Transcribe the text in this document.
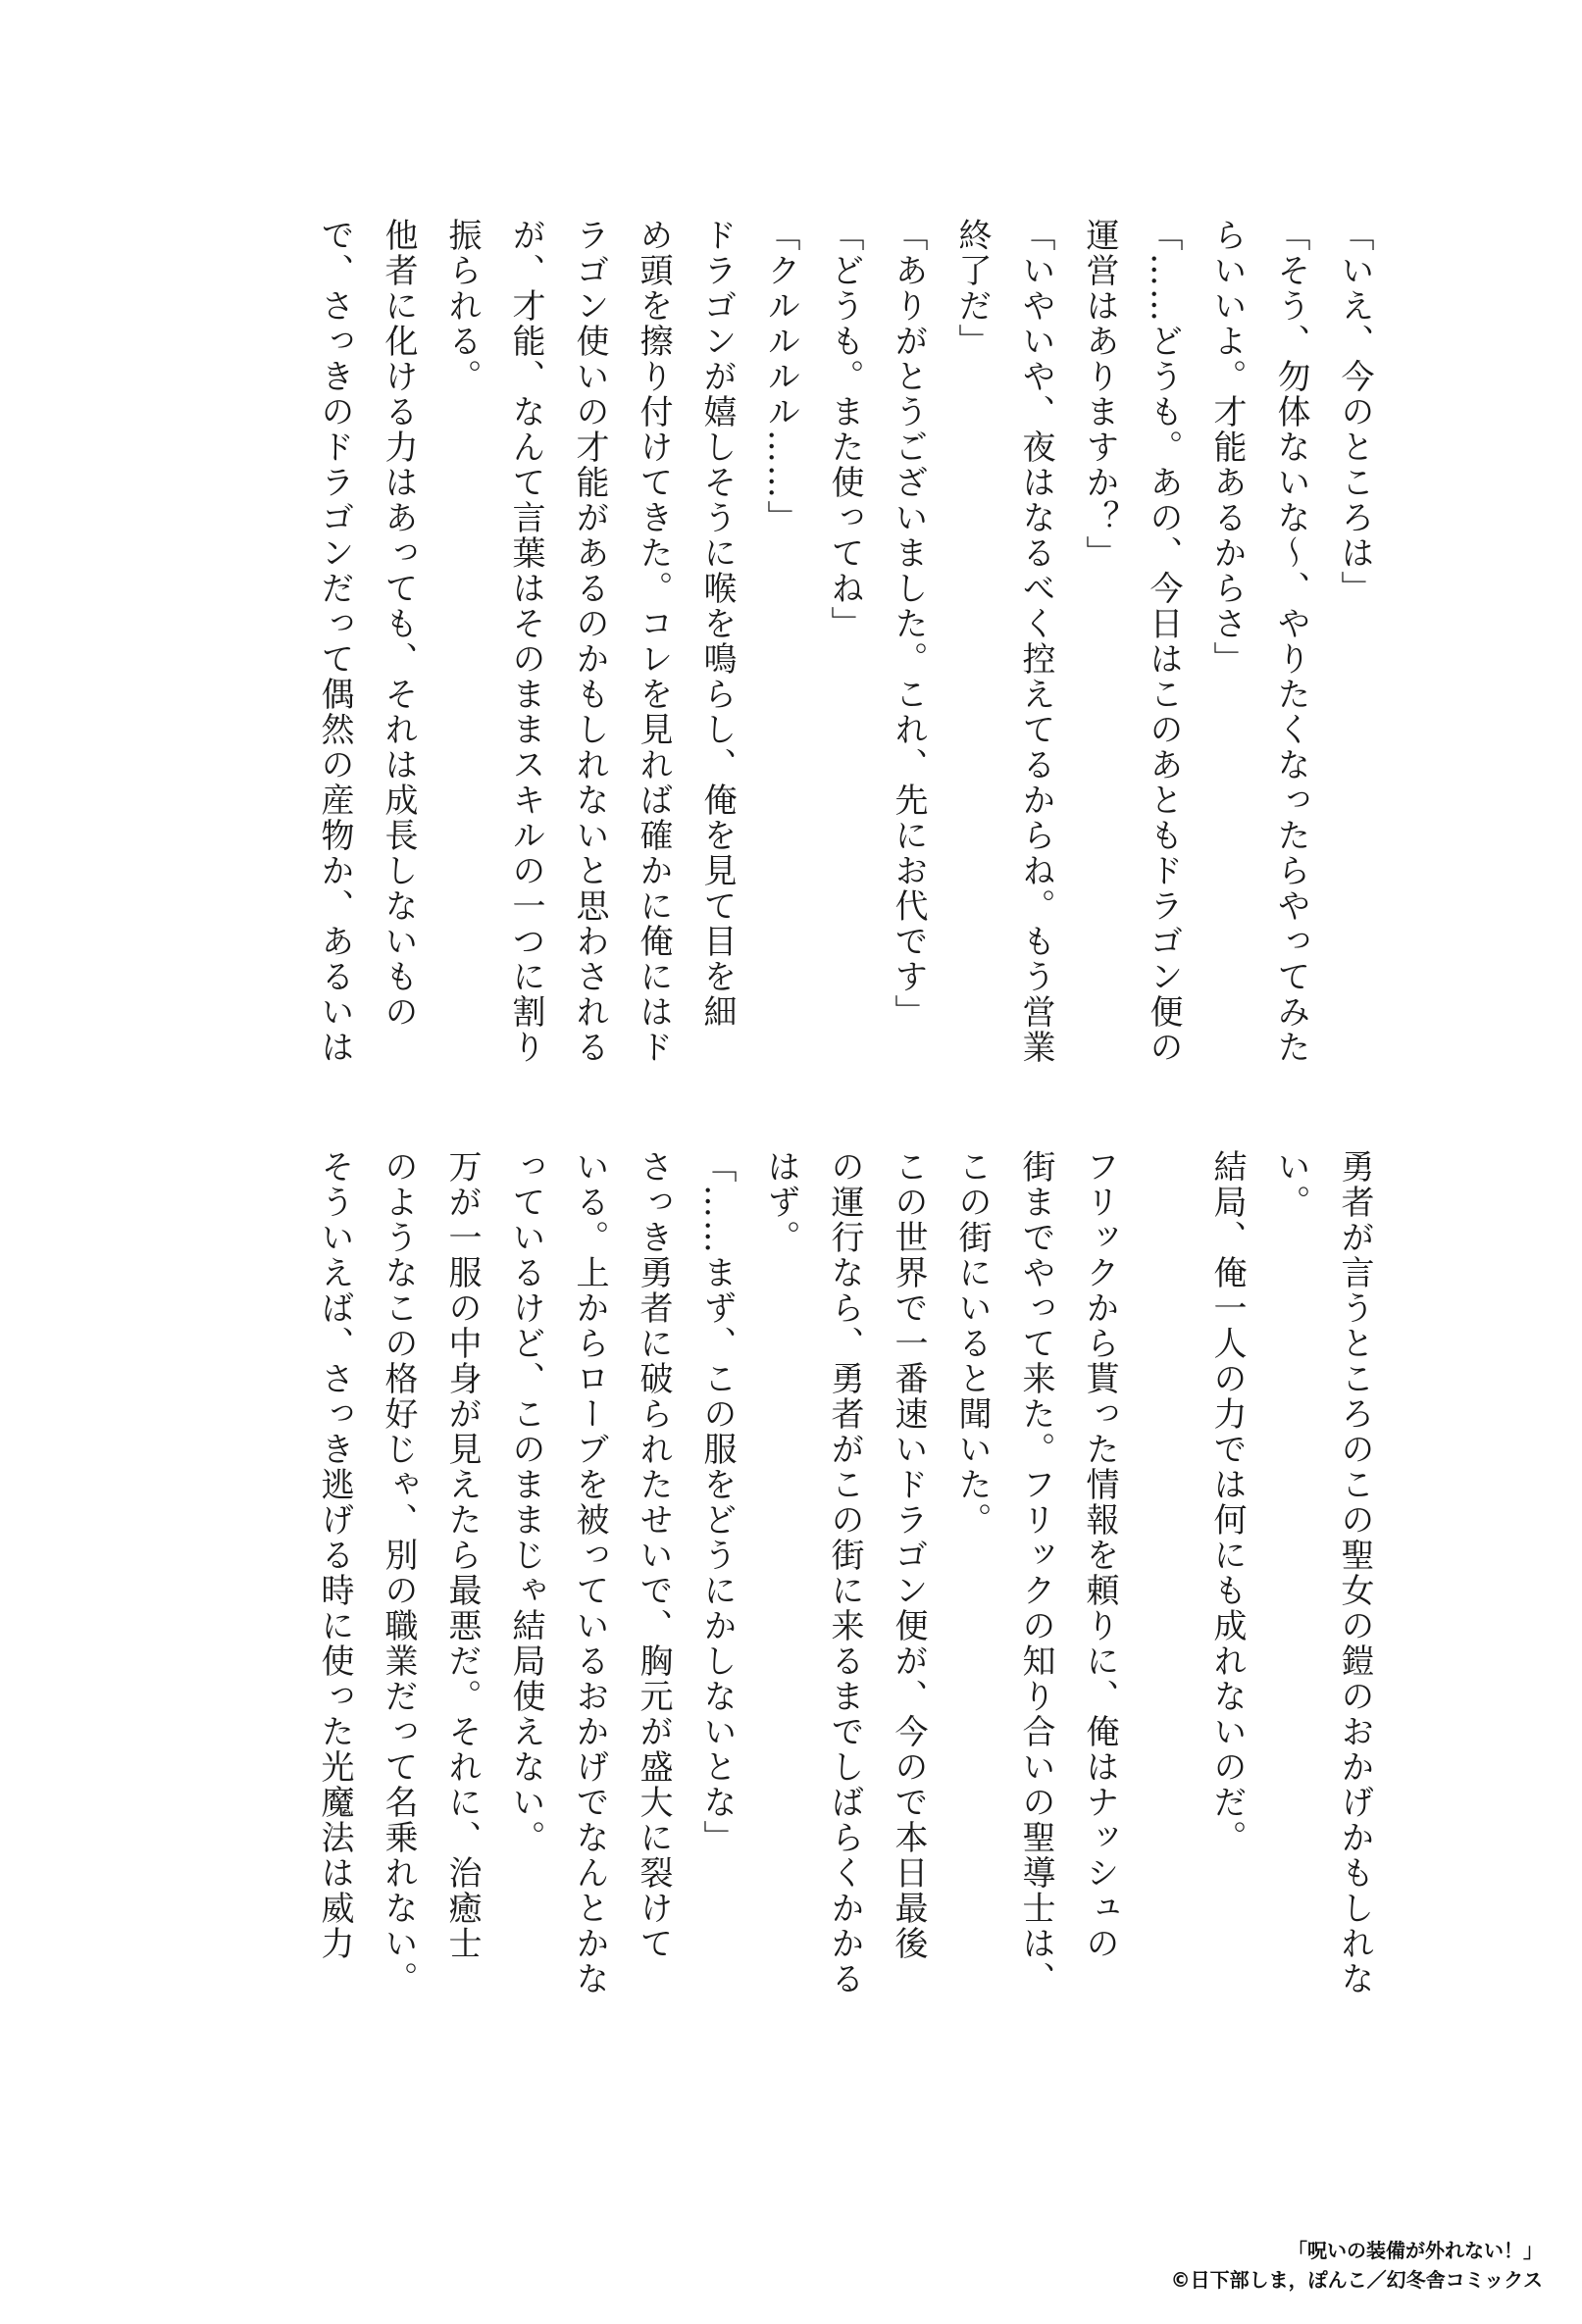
「いえ、今のところは」
「そう、勿体ないな〜、やりたくなったらやってみた
らいいよ。才能あるからさ」
「……どうも。あの、今日はこのあともドラゴン便の
運営はありますか？」
「いやいや、夜はなるべく控えてるからね。もう営業
終了だ」
「ありがとうございました。これ、先にお代です」
「どうも。また使ってね」
「クルルルル……」
ドラゴンが嬉しそうに喉を鳴らし、俺を見て目を細
め頭を擦り付けてきた。コレを見れば確かに俺にはド
ラゴン使いの才能があるのかもしれないと思わされる
が、才能、なんて言葉はそのままスキルの一つに割り
振られる。
他者に化ける力はあっても、それは成長しないもの
で、さっきのドラゴンだって偶然の産物か、あるいは
勇者が言うところのこの聖女の鎧のおかげかもしれな
い。
結局、俺一人の力では何にも成れないのだ。

フリックから貰った情報を頼りに、俺はナッシュの
街までやって来た。フリックの知り合いの聖導士は、
この街にいると聞いた。
この世界で一番速いドラゴン便が、今ので本日最後
の運行なら、勇者がこの街に来るまでしばらくかかる
はず。
「……まず、この服をどうにかしないとな」
さっき勇者に破られたせいで、胸元が盛大に裂けて
いる。上からローブを被っているおかげでなんとかな
っているけど、このままじゃ結局使えない。
万が一服の中身が見えたら最悪だ。それに、治癒士
のようなこの格好じゃ、別の職業だって名乗れない。
そういえば、さっき逃げる時に使った光魔法は威力
「呪いの装備が外れない！」
©日下部しま，ぽんこ／幻冬舎コミックス
